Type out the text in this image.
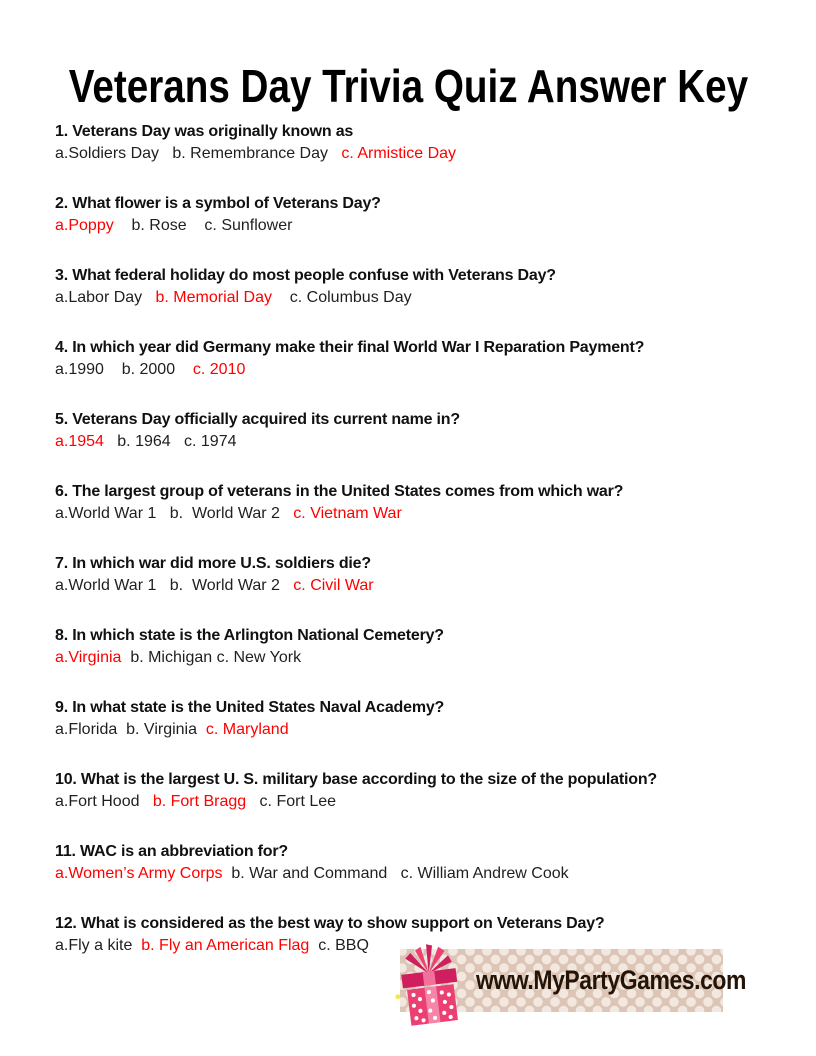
Veterans Day Trivia Quiz Answer Key
1. Veterans Day was originally known as
a.Soldiers Day   b. Remembrance Day   c. Armistice Day
2. What flower is a symbol of Veterans Day?
a.Poppy    b. Rose    c. Sunflower
3. What federal holiday do most people confuse with Veterans Day?
a.Labor Day   b. Memorial Day    c. Columbus Day
4. In which year did Germany make their final World War I Reparation Payment?
a.1990    b. 2000    c. 2010
5. Veterans Day officially acquired its current name in?
a.1954   b. 1964   c. 1974
6. The largest group of veterans in the United States comes from which war?
a.World War 1   b.  World War 2   c. Vietnam War
7. In which war did more U.S. soldiers die?
a.World War 1   b.  World War 2   c. Civil War
8. In which state is the Arlington National Cemetery?
a.Virginia  b. Michigan c. New York
9. In what state is the United States Naval Academy?
a.Florida  b. Virginia  c. Maryland
10. What is the largest U. S. military base according to the size of the population?
a.Fort Hood   b. Fort Bragg   c. Fort Lee
11. WAC is an abbreviation for?
a.Women’s Army Corps  b. War and Command   c. William Andrew Cook
12. What is considered as the best way to show support on Veterans Day?
a.Fly a kite  b. Fly an American Flag  c. BBQ
www.MyPartyGames.com
